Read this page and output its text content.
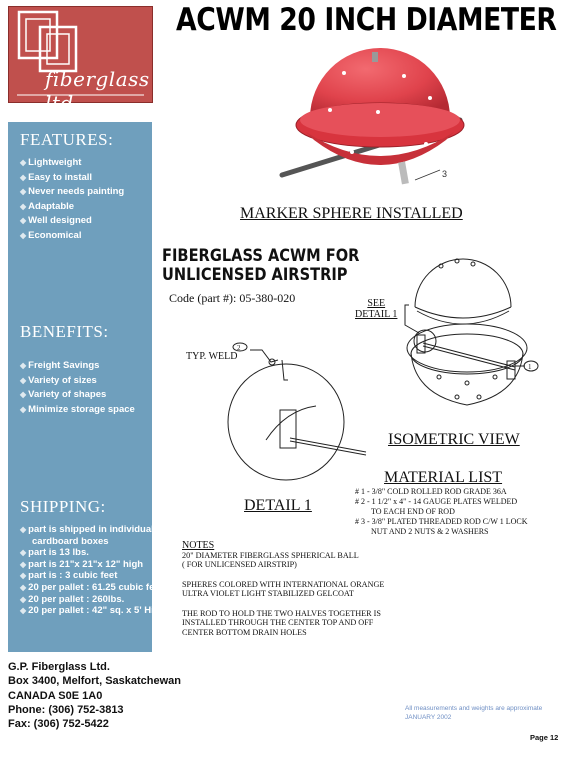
fiberglass ltd.
ACWM 20 INCH DIAMETER
FEATURES:
◆ Lightweight
◆ Easy to install
◆ Never needs painting
◆ Adaptable
◆ Well designed
◆ Economical
BENEFITS:
◆ Freight Savings
◆ Variety of sizes
◆ Variety of shapes
◆ Minimize storage space
SHIPPING:
◆ part is shipped in individual
cardboard boxes
◆ part is 13 lbs.
◆ part is 21"x 21"x 12" high
◆ part is : 3 cubic feet
◆ 20 per pallet : 61.25 cubic feet
◆ 20 per pallet : 260lbs.
◆ 20 per pallet : 42" sq. x 5' High
G.P. Fiberglass Ltd.
Box 3400, Melfort, Saskatchewan
CANADA S0E 1A0
Phone: (306) 752-3813
Fax: (306) 752-5422
3
MARKER SPHERE INSTALLED
FIBERGLASS ACWM FOR
UNLICENSED AIRSTRIP
Code (part #): 05-380-020
1
SEE
DETAIL 1
ISOMETRIC VIEW
2
TYP. WELD
DETAIL 1
MATERIAL LIST
# 1 - 3/8" COLD ROLLED ROD GRADE 36A
# 2 - 1 1/2" x 4" - 14 GAUGE PLATES WELDED
TO EACH END OF ROD
# 3 - 3/8" PLATED THREADED ROD C/W 1 LOCK
NUT AND 2 NUTS & 2 WASHERS
NOTES
20" DIAMETER FIBERGLASS SPHERICAL BALL
( FOR UNLICENSED AIRSTRIP)
SPHERES COLORED WITH INTERNATIONAL ORANGE
ULTRA VIOLET LIGHT STABILIZED GELCOAT
THE ROD TO HOLD THE TWO HALVES TOGETHER IS
INSTALLED THROUGH THE CENTER TOP AND OFF
CENTER BOTTOM DRAIN HOLES
All measurements and weights are approximate
JANUARY 2002
Page 12
